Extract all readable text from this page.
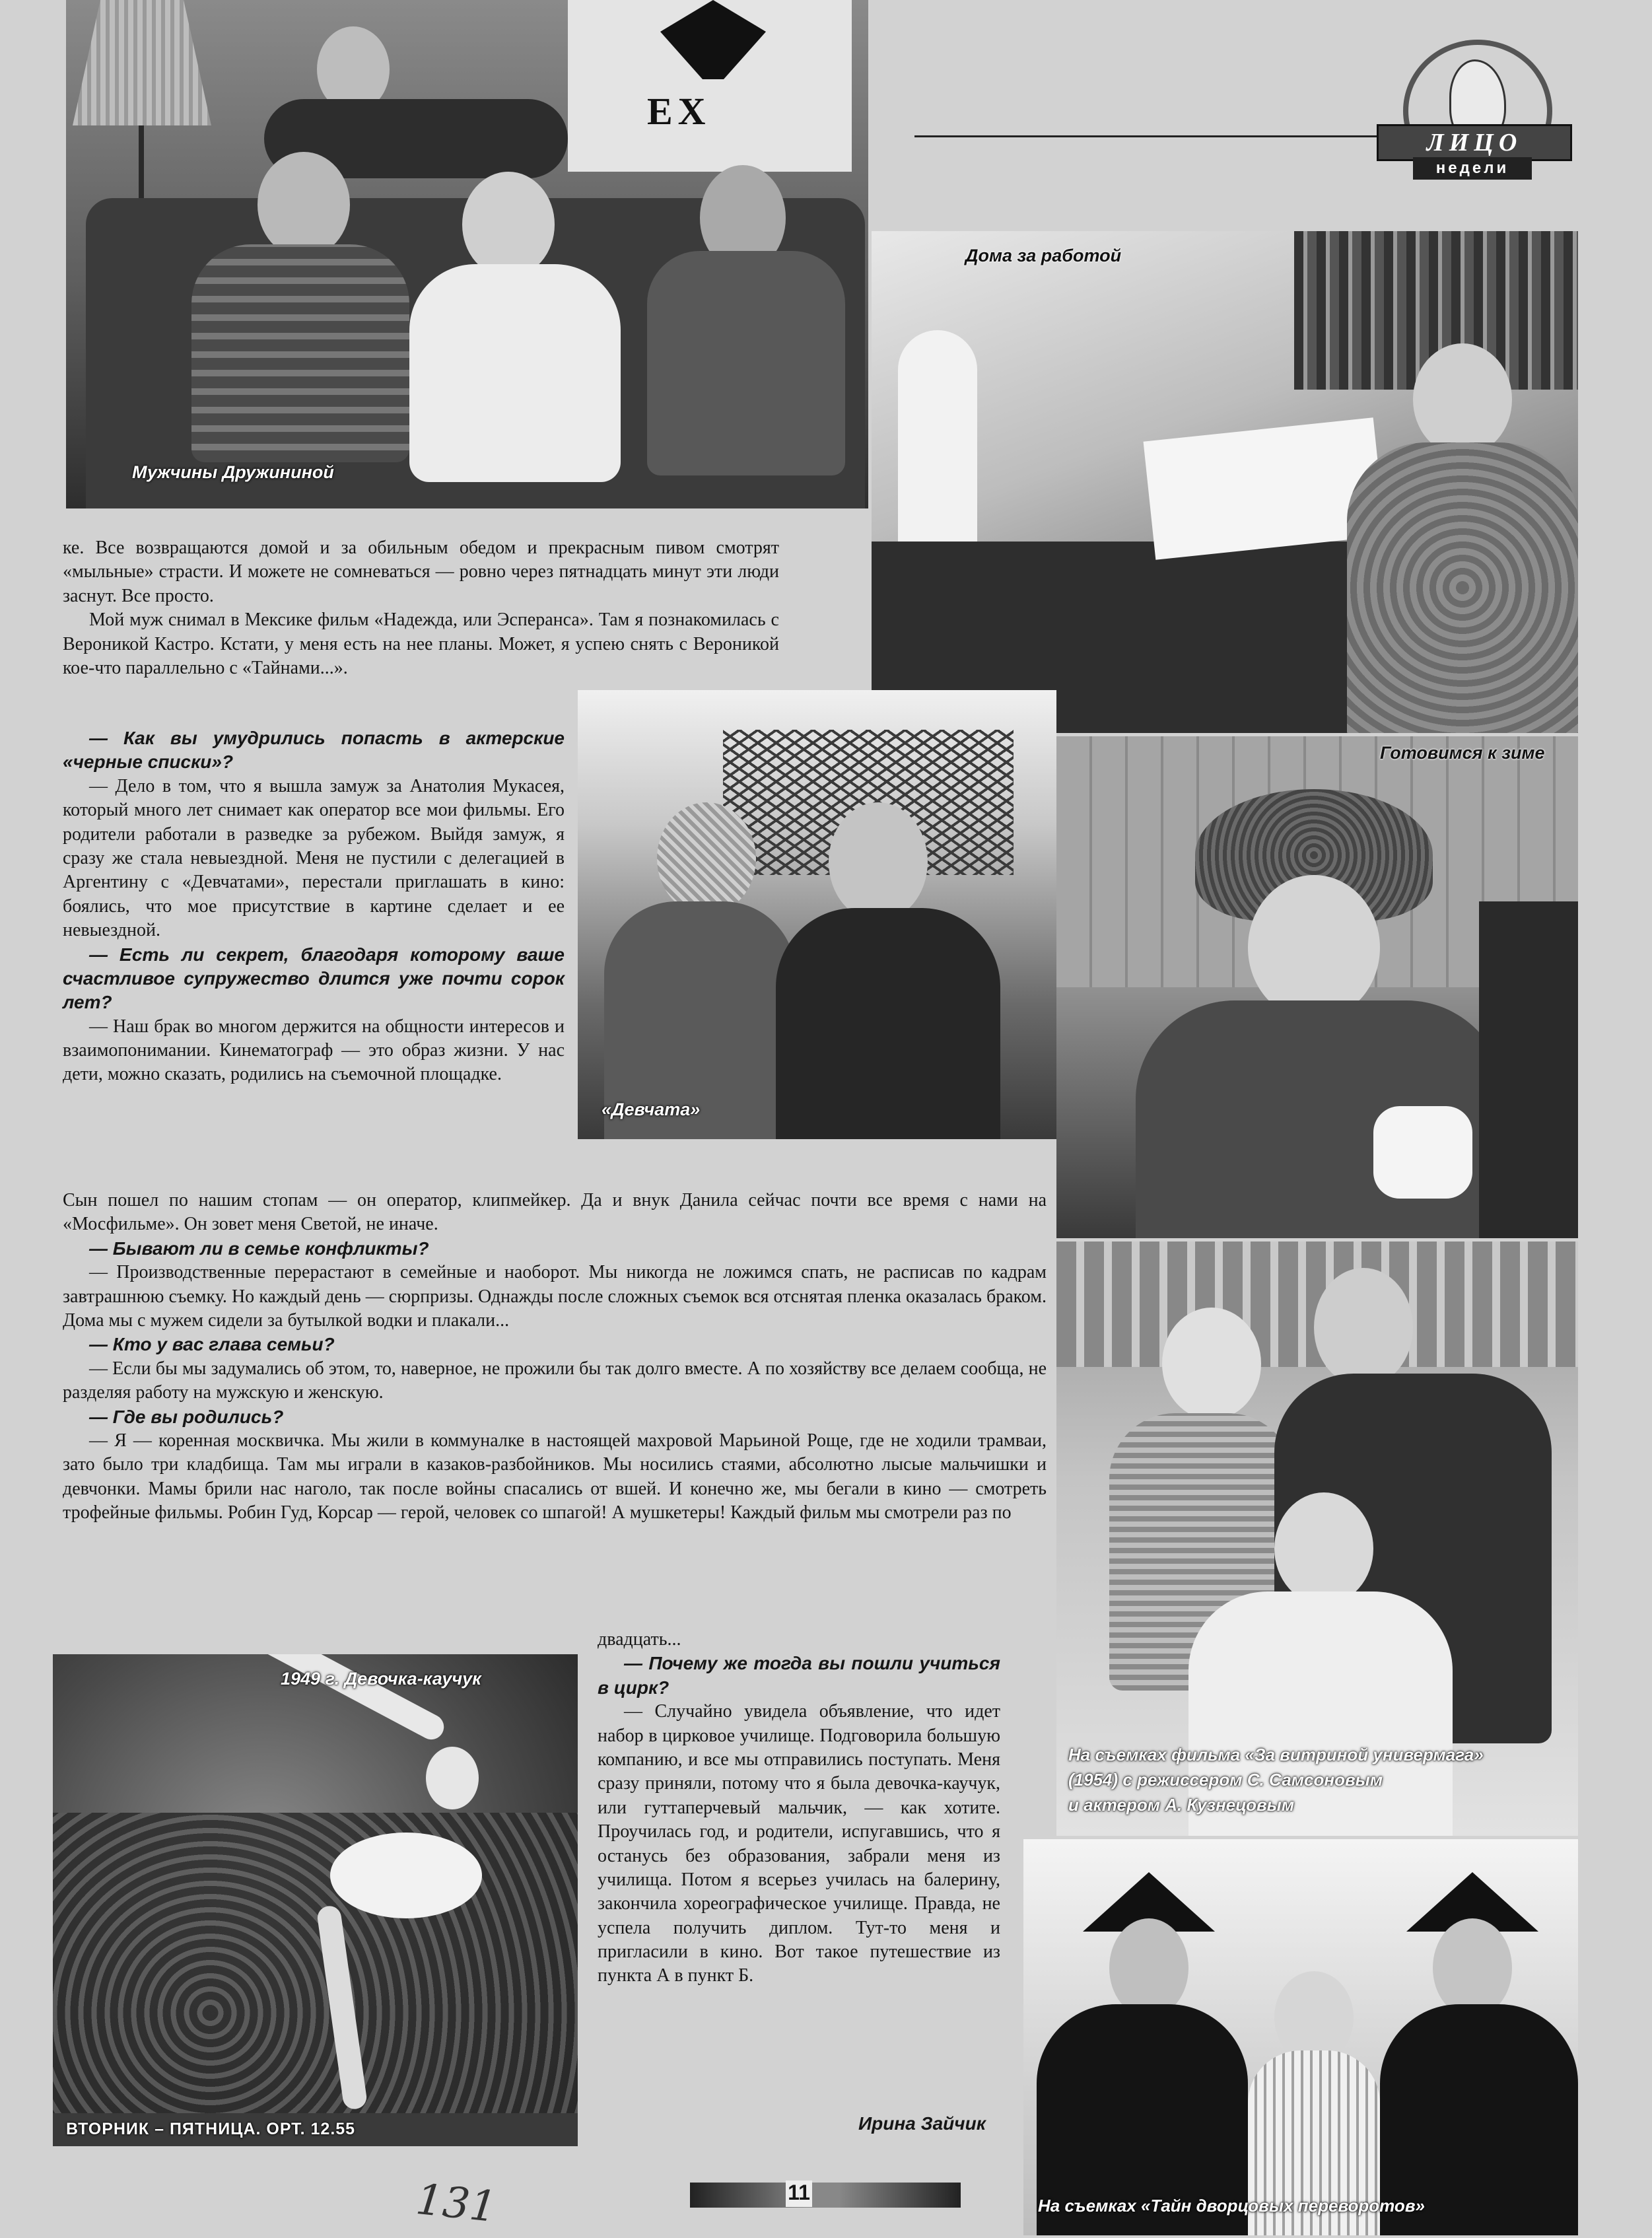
EX
Мужчины Дружининой
ЛИЦО
недели
Дома за работой
«Девчата»
Готовимся к зиме
На съемках фильма «За витриной универмага»
(1954) с режиссером С. Самсоновым
и актером А. Кузнецовым
На съемках «Тайн дворцовых переворотов»
1949 г. Девочка-каучук
ВТОРНИК – ПЯТНИЦА. ОРТ. 12.55

ке. Все возвращаются домой и за обильным обедом и прекрасным пивом смотрят «мыльные» страсти. И можете не сомневаться — ровно через пятнадцать минут эти люди заснут. Все просто.

Мой муж снимал в Мексике фильм «Надежда, или Эсперанса». Там я познакомилась с Вероникой Кастро. Кстати, у меня есть на нее планы. Может, я успею снять с Вероникой кое-что параллельно с «Тайнами...».

— Как вы умудрились попасть в актерские «черные списки»?

— Дело в том, что я вышла замуж за Анатолия Мукасея, который много лет снимает как оператор все мои фильмы. Его родители работали в разведке за рубежом. Выйдя замуж, я сразу же стала невыездной. Меня не пустили с делегацией в Аргентину с «Девчатами», перестали приглашать в кино: боялись, что мое присутствие в картине сделает и ее невыездной.

— Есть ли секрет, благодаря которому ваше счастливое супружество длится уже почти сорок лет?

— Наш брак во многом держится на общности интересов и взаимопонимании. Кинематограф — это образ жизни. У нас дети, можно сказать, родились на съемочной площадке.

Сын пошел по нашим стопам — он оператор, клипмейкер. Да и внук Данила сейчас почти все время с нами на «Мосфильме». Он зовет меня Светой, не иначе.

— Бывают ли в семье конфликты?

— Производственные перерастают в семейные и наоборот. Мы никогда не ложимся спать, не расписав по кадрам завтрашнюю съемку. Но каждый день — сюрпризы. Однажды после сложных съемок вся отснятая пленка оказалась браком. Дома мы с мужем сидели за бутылкой водки и плакали...

— Кто у вас глава семьи?

— Если бы мы задумались об этом, то, наверное, не прожили бы так долго вместе. А по хозяйству все делаем сообща, не разделяя работу на мужскую и женскую.

— Где вы родились?

— Я — коренная москвичка. Мы жили в коммуналке в настоящей махровой Марьиной Роще, где не ходили трамваи, зато было три кладбища. Там мы играли в казаков-разбойников. Мы носились стаями, абсолютно лысые мальчишки и девчонки. Мамы брили нас наголо, так после войны спасались от вшей. И конечно же, мы бегали в кино — смотреть трофейные фильмы. Робин Гуд, Корсар — герой, человек со шпагой! А мушкетеры! Каждый фильм мы смотрели раз по

двадцать...

— Почему же тогда вы пошли учиться в цирк?

— Случайно увидела объявление, что идет набор в цирковое училище. Подговорила большую компанию, и все мы отправились поступать. Меня сразу приняли, потому что я была девочка-каучук, или гуттаперчевый мальчик, — как хотите. Проучилась год, и родители, испугавшись, что я останусь без образования, забрали меня из училища. Потом я всерьез училась на балерину, закончила хореографическое училище. Правда, не успела получить диплом. Тут-то меня и пригласили в кино. Вот такое путешествие из пункта А в пункт Б.

Ирина Зайчик
131	11
